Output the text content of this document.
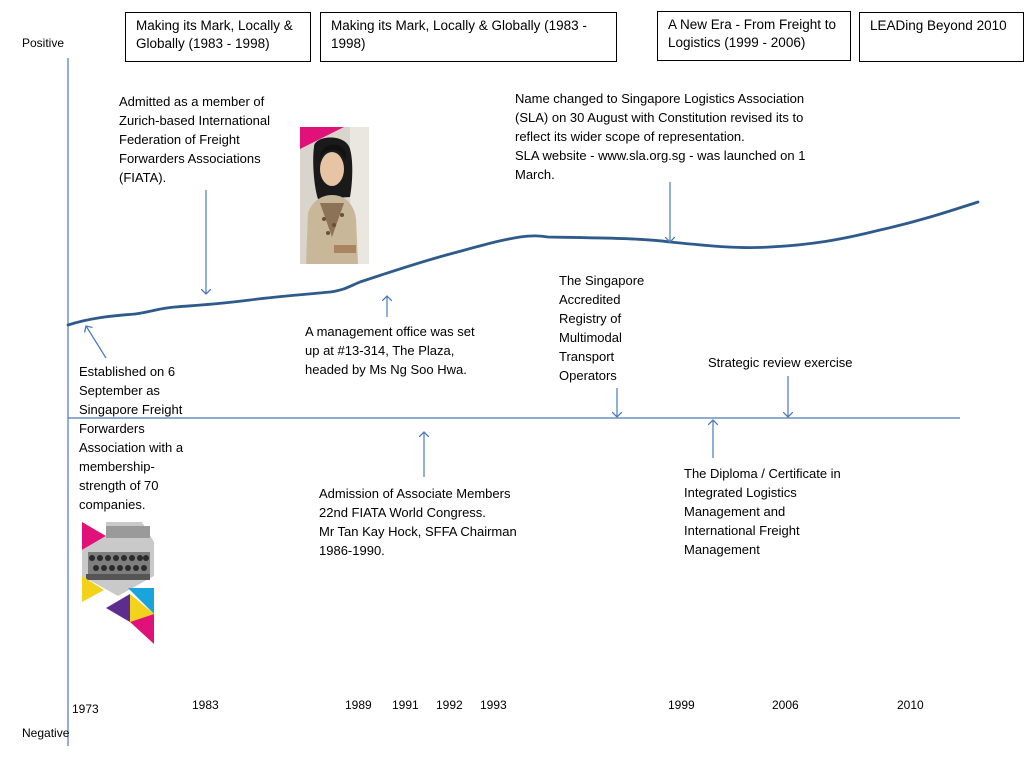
Positive
Negative
Making its Mark, Locally & Globally (1983 - 1998)
Making its Mark, Locally & Globally (1983 - 1998)
A New Era - From Freight to Logistics (1999 - 2006)
LEADing Beyond 2010
Admitted as a member of Zurich-based International Federation of Freight Forwarders Associations (FIATA).
Name changed to Singapore Logistics Association (SLA) on 30 August with Constitution revised its to reflect its wider scope of representation.
SLA website - www.sla.org.sg - was launched on 1 March.
Established on 6 September as Singapore Freight Forwarders Association with a membership-strength of 70 companies.
A management office was set up at #13-314, The Plaza, headed by Ms Ng Soo Hwa.
The Singapore Accredited Registry of Multimodal Transport Operators
Strategic review exercise
Admission of Associate Members 22nd FIATA World Congress.
Mr Tan Kay Hock, SFFA Chairman 1986-1990.
The Diploma / Certificate in Integrated Logistics Management and International Freight Management
1973	1983	1989 1991 1992 1993	1999	2006	2010
